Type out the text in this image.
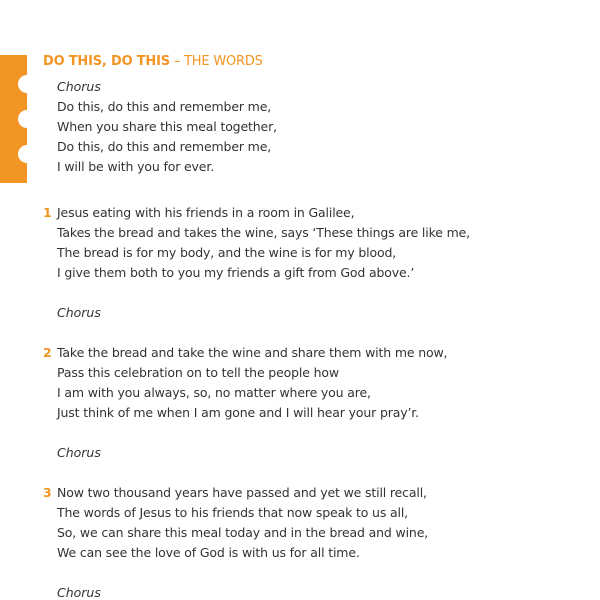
DO THIS, DO THIS – THE WORDS
Chorus
Do this, do this and remember me,
When you share this meal together,
Do this, do this and remember me,
I will be with you for ever.
1 Jesus eating with his friends in a room in Galilee,
Takes the bread and takes the wine, says ‘These things are like me,
The bread is for my body, and the wine is for my blood,
I give them both to you my friends a gift from God above.’
Chorus
2 Take the bread and take the wine and share them with me now,
Pass this celebration on to tell the people how
I am with you always, so, no matter where you are,
Just think of me when I am gone and I will hear your pray’r.
Chorus
3 Now two thousand years have passed and yet we still recall,
The words of Jesus to his friends that now speak to us all,
So, we can share this meal today and in the bread and wine,
We can see the love of God is with us for all time.
Chorus
